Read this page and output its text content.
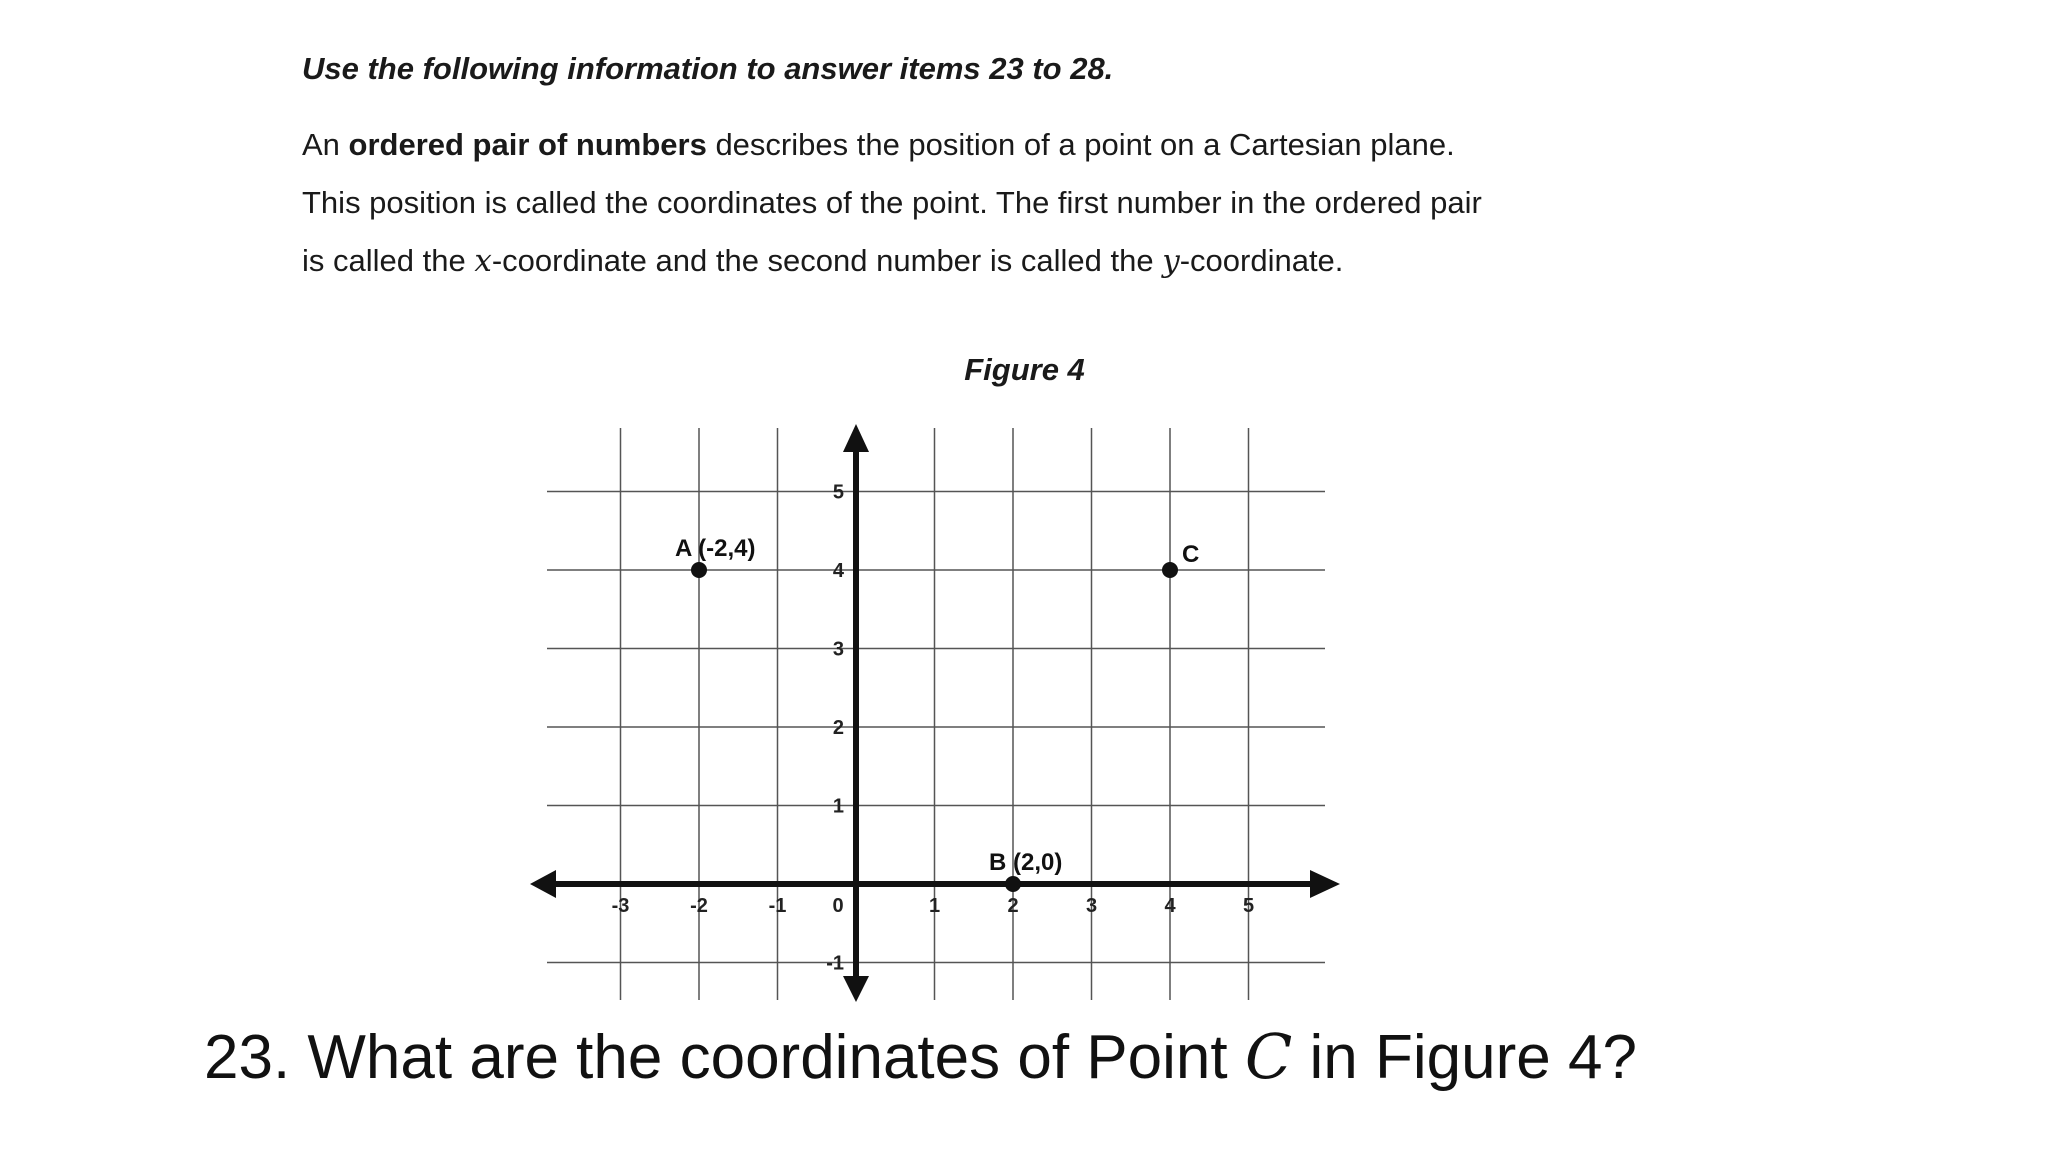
Use the following information to answer items 23 to 28.

An ordered pair of numbers describes the position of a point on a Cartesian plane.

This position is called the coordinates of the point. The first number in the ordered pair

is called the x-coordinate and the second number is called the y-coordinate.

Figure 4
-3	-2	-1 0	1	2	3	4	5
-1
1
2
3
4
5
A (-2,4)
B (2,0)
C
23. What are the coordinates of Point C in Figure 4?
